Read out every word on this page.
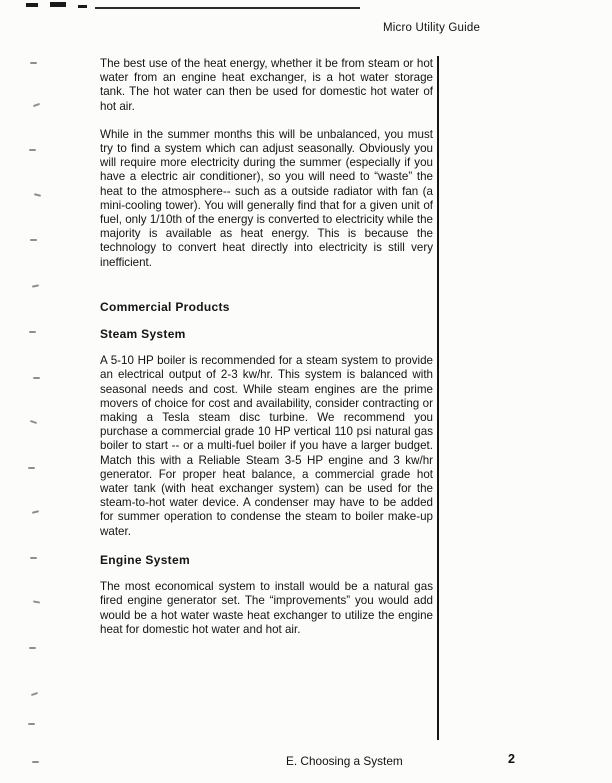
Micro Utility Guide

The best use of the heat energy, whether it be from steam or hot water from an engine heat exchanger, is a hot water storage tank. The hot water can then be used for domestic hot water of hot air.

While in the summer months this will be unbalanced, you must try to find a system which can adjust seasonally. Obviously you will require more electricity during the summer (especially if you have a electric air conditioner), so you will need to “waste” the heat to the atmosphere-- such as a outside radiator with fan (a mini-cooling tower). You will generally find that for a given unit of fuel, only 1/10th of the energy is converted to electricity while the majority is available as heat energy. This is because the technology to convert heat directly into electricity is still very inefficient.

Commercial Products
Steam System

A 5-10 HP boiler is recommended for a steam system to provide an electrical output of 2-3 kw/hr. This system is balanced with seasonal needs and cost. While steam engines are the prime movers of choice for cost and availability, consider contracting or making a Tesla steam disc turbine. We recommend you purchase a commercial grade 10 HP vertical 110 psi natural gas boiler to start -- or a multi-fuel boiler if you have a larger budget. Match this with a Reliable Steam 3-5 HP engine and 3 kw/hr generator. For proper heat balance, a commercial grade hot water tank (with heat exchanger system) can be used for the steam-to-hot water device. A condenser may have to be added for summer operation to condense the steam to boiler make-up water.

Engine System

The most economical system to install would be a natural gas fired engine generator set. The “improvements” you would add would be a hot water waste heat exchanger to utilize the engine heat for domestic hot water and hot air.

E. Choosing a System	2
